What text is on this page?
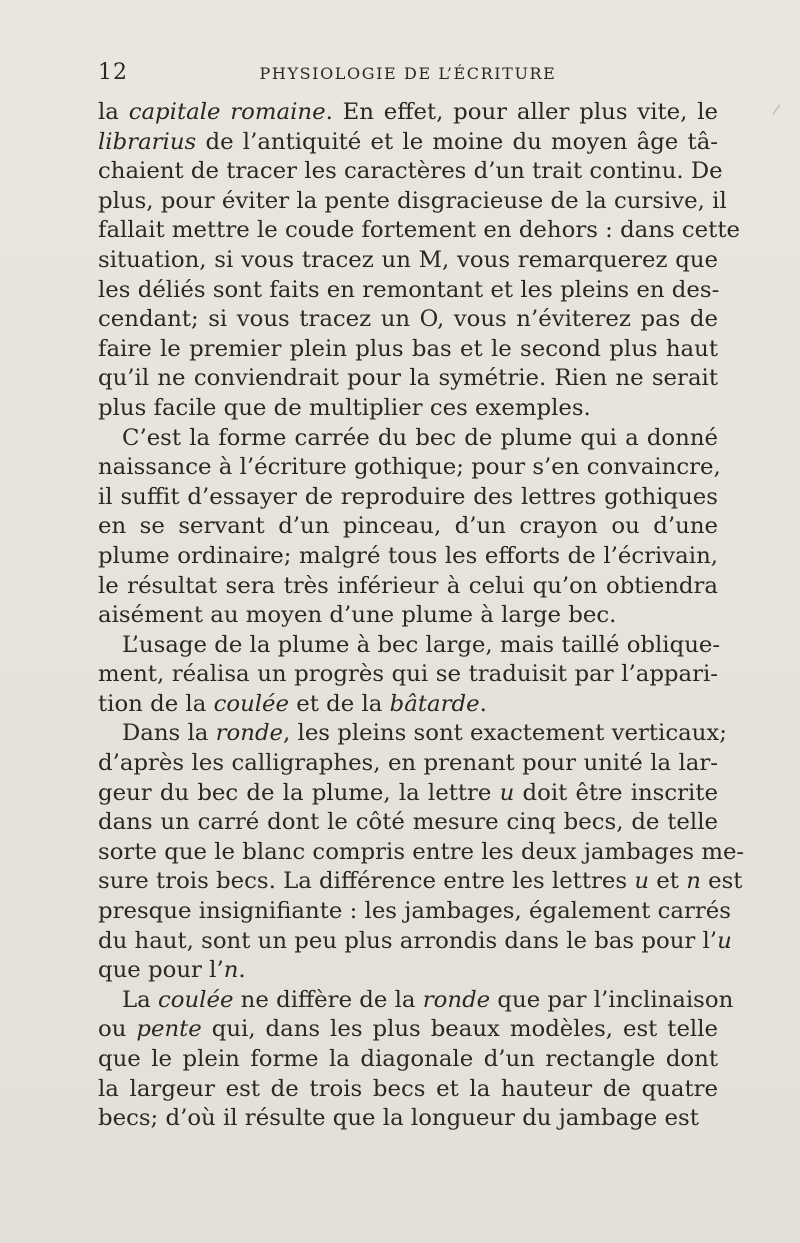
12	PHYSIOLOGIE DE L’ÉCRITURE
la capitale romaine. En effet, pour aller plus vite, le
librarius de l’antiquité et le moine du moyen âge tâ-
chaient de tracer les caractères d’un trait continu. De
plus, pour éviter la pente disgracieuse de la cursive, il
fallait mettre le coude fortement en dehors : dans cette
situation, si vous tracez un M, vous remarquerez que
les déliés sont faits en remontant et les pleins en des-
cendant; si vous tracez un O, vous n’éviterez pas de
faire le premier plein plus bas et le second plus haut
qu’il ne conviendrait pour la symétrie. Rien ne serait
plus facile que de multiplier ces exemples.
C’est la forme carrée du bec de plume qui a donné
naissance à l’écriture gothique; pour s’en convaincre,
il suffit d’essayer de reproduire des lettres gothiques
en se servant d’un pinceau, d’un crayon ou d’une
plume ordinaire; malgré tous les efforts de l’écrivain,
le résultat sera très inférieur à celui qu’on obtiendra
aisément au moyen d’une plume à large bec.
L’usage de la plume à bec large, mais taillé oblique-
ment, réalisa un progrès qui se traduisit par l’appari-
tion de la coulée et de la bâtarde.
Dans la ronde, les pleins sont exactement verticaux;
d’après les calligraphes, en prenant pour unité la lar-
geur du bec de la plume, la lettre u doit être inscrite
dans un carré dont le côté mesure cinq becs, de telle
sorte que le blanc compris entre les deux jambages me-
sure trois becs. La différence entre les lettres u et n est
presque insignifiante : les jambages, également carrés
du haut, sont un peu plus arrondis dans le bas pour l’u
que pour l’n.
La coulée ne diffère de la ronde que par l’inclinaison
ou pente qui, dans les plus beaux modèles, est telle
que le plein forme la diagonale d’un rectangle dont
la largeur est de trois becs et la hauteur de quatre
becs; d’où il résulte que la longueur du jambage est
